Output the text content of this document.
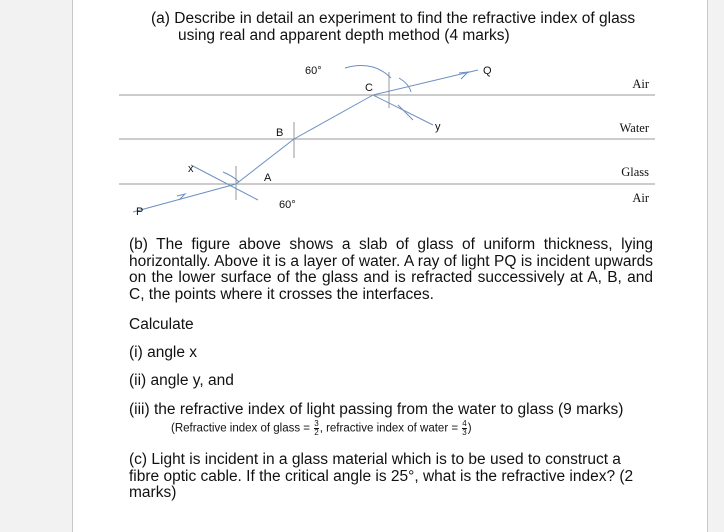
(a) Describe in detail an experiment to find the refractive index of glass
using real and apparent depth method (4 marks)
60°
C
Q
y
B
x
A
P
60°
Air
Water
Glass
Air
(b) The figure above shows a slab of glass of uniform thickness, lying horizontally. Above it is a layer of water. A ray of light PQ is incident upwards on the lower surface of the glass and is refracted successively at A, B, and C, the points where it crosses the interfaces.
Calculate
(i) angle x
(ii) angle y, and
(iii) the refractive index of light passing from the water to glass (9 marks)
(Refractive index of glass = $\frac{3}{2}$ , refractive index of water = $\frac{4}{3}$ )
(c) Light is incident in a glass material which is to be used to construct a fibre optic cable. If the critical angle is 25°, what is the refractive index? (2 marks)
